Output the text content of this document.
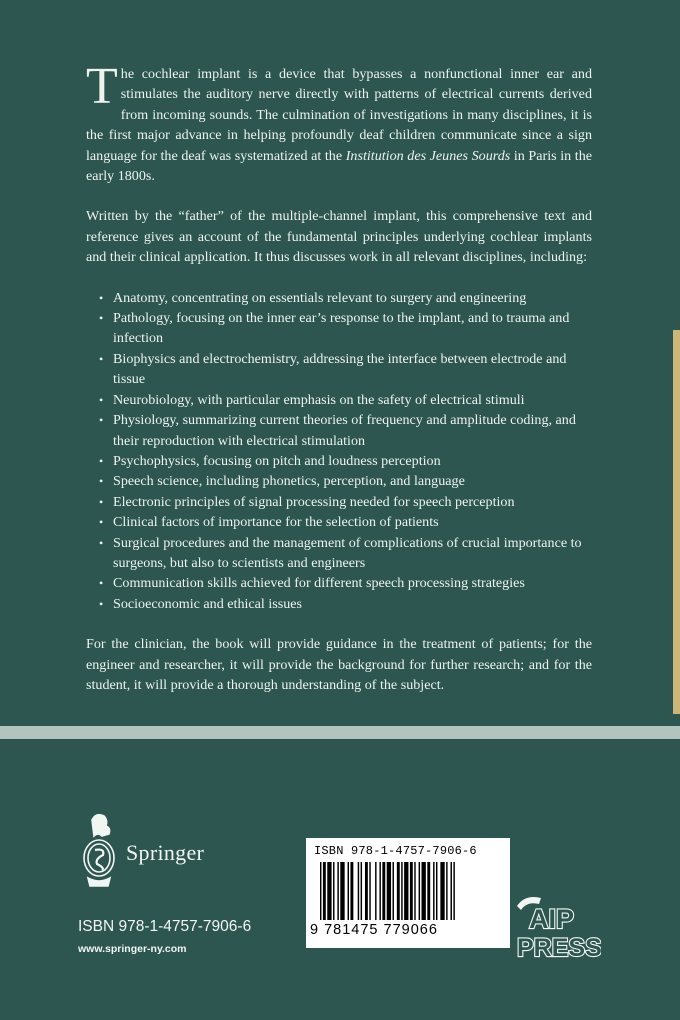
The cochlear implant is a device that bypasses a nonfunctional inner ear and stimulates the auditory nerve directly with patterns of electrical currents derived from incoming sounds. The culmination of investigations in many disciplines, it is the first major advance in helping profoundly deaf children communicate since a sign language for the deaf was systematized at the Institution des Jeunes Sourds in Paris in the early 1800s.

Written by the “father” of the multiple-channel implant, this comprehensive text and reference gives an account of the fundamental principles underlying cochlear implants and their clinical application. It thus discusses work in all relevant disciplines, including:

• Anatomy, concentrating on essentials relevant to surgery and engineering
• Pathology, focusing on the inner ear’s response to the implant, and to trauma and infection
• Biophysics and electrochemistry, addressing the interface between electrode and tissue
• Neurobiology, with particular emphasis on the safety of electrical stimuli
• Physiology, summarizing current theories of frequency and amplitude coding, and their reproduction with electrical stimulation
• Psychophysics, focusing on pitch and loudness perception
• Speech science, including phonetics, perception, and language
• Electronic principles of signal processing needed for speech perception
• Clinical factors of importance for the selection of patients
• Surgical procedures and the management of complications of crucial importance to surgeons, but also to scientists and engineers
• Communication skills achieved for different speech processing strategies
• Socioeconomic and ethical issues

For the clinician, the book will provide guidance in the treatment of patients; for the engineer and researcher, it will provide the background for further research; and for the student, it will provide a thorough understanding of the subject.

Springer
ISBN 978-1-4757-7906-6
www.springer-ny.com
ISBN 978-1-4757-7906-6
9 781475 779066	AIP
PRESS
